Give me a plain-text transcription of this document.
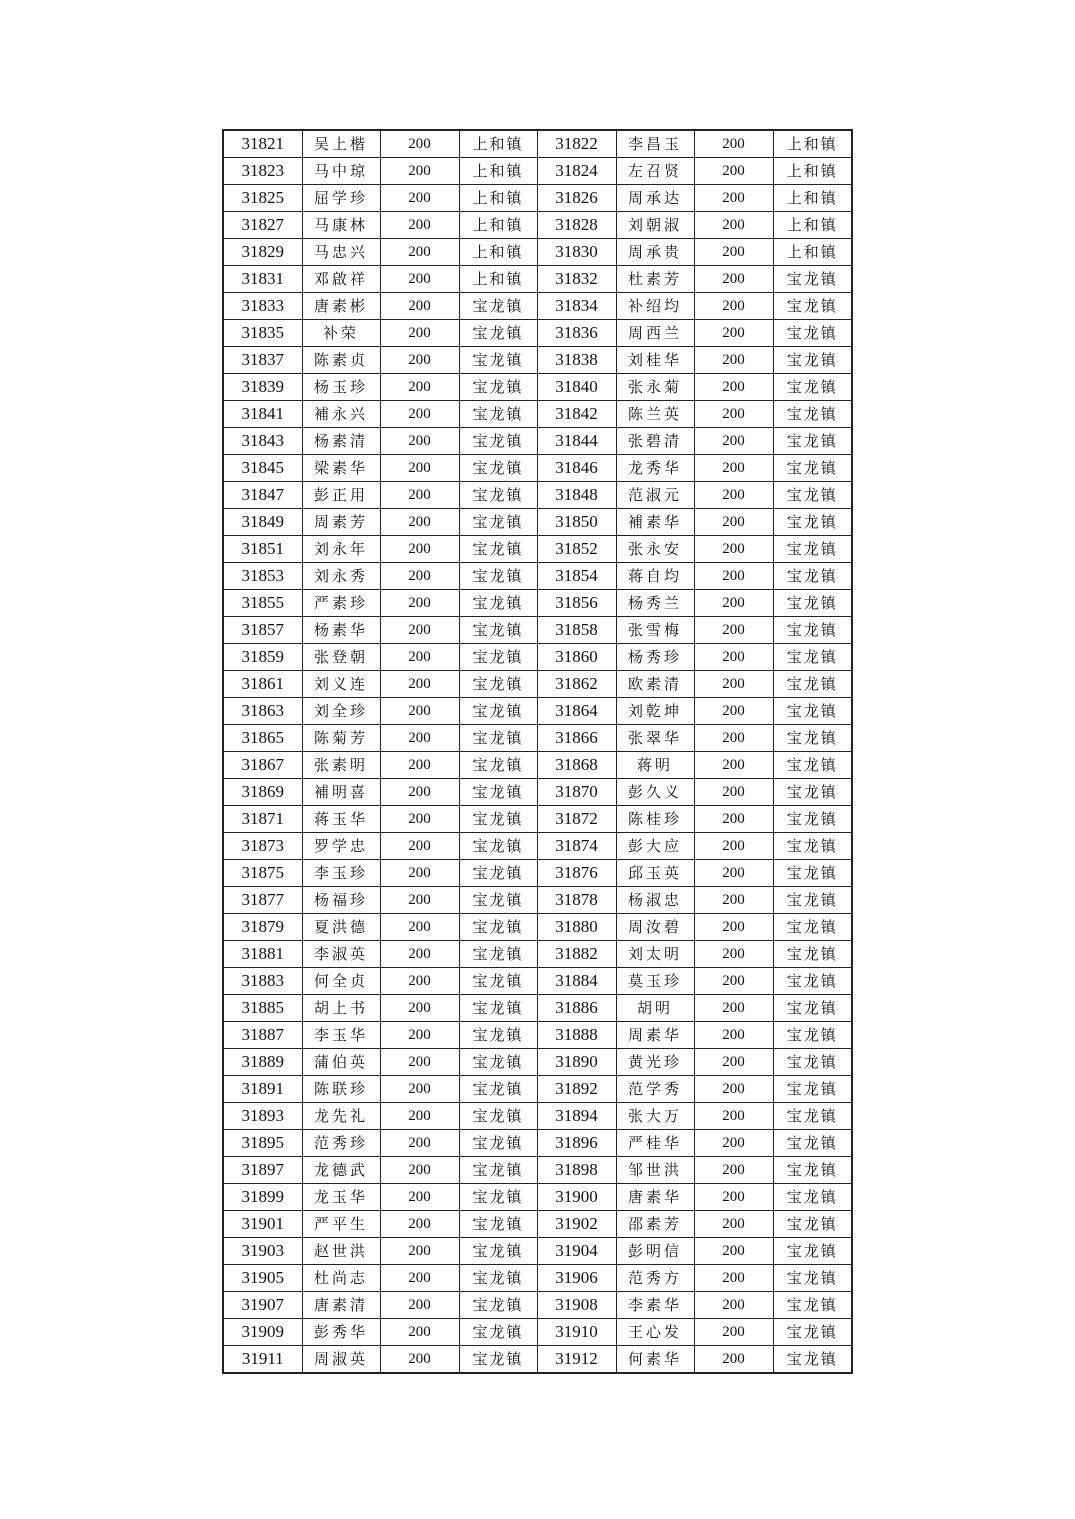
31821	吴上楷	200	上和镇	31822	李昌玉	200	上和镇
31823	马中琼	200	上和镇	31824	左召贤	200	上和镇
31825	屈学珍	200	上和镇	31826	周承达	200	上和镇
31827	马康林	200	上和镇	31828	刘朝淑	200	上和镇
31829	马忠兴	200	上和镇	31830	周承贵	200	上和镇
31831	邓啟祥	200	上和镇	31832	杜素芳	200	宝龙镇
31833	唐素彬	200	宝龙镇	31834	补绍均	200	宝龙镇
31835	补荣	200	宝龙镇	31836	周西兰	200	宝龙镇
31837	陈素贞	200	宝龙镇	31838	刘桂华	200	宝龙镇
31839	杨玉珍	200	宝龙镇	31840	张永菊	200	宝龙镇
31841	補永兴	200	宝龙镇	31842	陈兰英	200	宝龙镇
31843	杨素清	200	宝龙镇	31844	张碧清	200	宝龙镇
31845	梁素华	200	宝龙镇	31846	龙秀华	200	宝龙镇
31847	彭正用	200	宝龙镇	31848	范淑元	200	宝龙镇
31849	周素芳	200	宝龙镇	31850	補素华	200	宝龙镇
31851	刘永年	200	宝龙镇	31852	张永安	200	宝龙镇
31853	刘永秀	200	宝龙镇	31854	蒋自均	200	宝龙镇
31855	严素珍	200	宝龙镇	31856	杨秀兰	200	宝龙镇
31857	杨素华	200	宝龙镇	31858	张雪梅	200	宝龙镇
31859	张登朝	200	宝龙镇	31860	杨秀珍	200	宝龙镇
31861	刘义连	200	宝龙镇	31862	欧素清	200	宝龙镇
31863	刘全珍	200	宝龙镇	31864	刘乾坤	200	宝龙镇
31865	陈菊芳	200	宝龙镇	31866	张翠华	200	宝龙镇
31867	张素明	200	宝龙镇	31868	蒋明	200	宝龙镇
31869	補明喜	200	宝龙镇	31870	彭久义	200	宝龙镇
31871	蒋玉华	200	宝龙镇	31872	陈桂珍	200	宝龙镇
31873	罗学忠	200	宝龙镇	31874	彭大应	200	宝龙镇
31875	李玉珍	200	宝龙镇	31876	邱玉英	200	宝龙镇
31877	杨福珍	200	宝龙镇	31878	杨淑忠	200	宝龙镇
31879	夏洪德	200	宝龙镇	31880	周汝碧	200	宝龙镇
31881	李淑英	200	宝龙镇	31882	刘太明	200	宝龙镇
31883	何全贞	200	宝龙镇	31884	莫玉珍	200	宝龙镇
31885	胡上书	200	宝龙镇	31886	胡明	200	宝龙镇
31887	李玉华	200	宝龙镇	31888	周素华	200	宝龙镇
31889	蒲伯英	200	宝龙镇	31890	黄光珍	200	宝龙镇
31891	陈联珍	200	宝龙镇	31892	范学秀	200	宝龙镇
31893	龙先礼	200	宝龙镇	31894	张大万	200	宝龙镇
31895	范秀珍	200	宝龙镇	31896	严桂华	200	宝龙镇
31897	龙德武	200	宝龙镇	31898	邹世洪	200	宝龙镇
31899	龙玉华	200	宝龙镇	31900	唐素华	200	宝龙镇
31901	严平生	200	宝龙镇	31902	邵素芳	200	宝龙镇
31903	赵世洪	200	宝龙镇	31904	彭明信	200	宝龙镇
31905	杜尚志	200	宝龙镇	31906	范秀方	200	宝龙镇
31907	唐素清	200	宝龙镇	31908	李素华	200	宝龙镇
31909	彭秀华	200	宝龙镇	31910	王心发	200	宝龙镇
31911	周淑英	200	宝龙镇	31912	何素华	200	宝龙镇
